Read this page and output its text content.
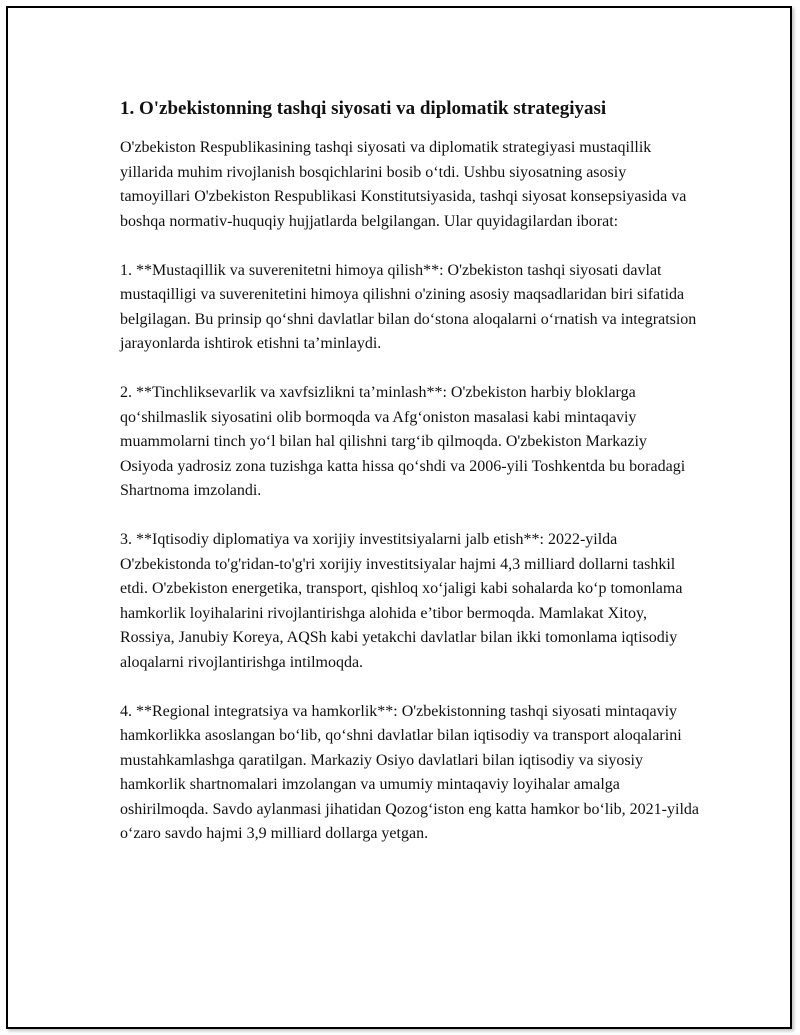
1. O'zbekistonning tashqi siyosati va diplomatik strategiyasi

O'zbekiston Respublikasining tashqi siyosati va diplomatik strategiyasi mustaqillik yillarida muhim rivojlanish bosqichlarini bosib o‘tdi. Ushbu siyosatning asosiy tamoyillari O'zbekiston Respublikasi Konstitutsiyasida, tashqi siyosat konsepsiyasida va boshqa normativ-huquqiy hujjatlarda belgilangan. Ular quyidagilardan iborat:

1. **Mustaqillik va suverenitetni himoya qilish**: O'zbekiston tashqi siyosati davlat mustaqilligi va suverenitetini himoya qilishni o'zining asosiy maqsadlaridan biri sifatida belgilagan. Bu prinsip qo‘shni davlatlar bilan do‘stona aloqalarni o‘rnatish va integratsion jarayonlarda ishtirok etishni ta’minlaydi.

2. **Tinchliksevarlik va xavfsizlikni ta’minlash**: O'zbekiston harbiy bloklarga qo‘shilmaslik siyosatini olib bormoqda va Afg‘oniston masalasi kabi mintaqaviy muammolarni tinch yo‘l bilan hal qilishni targ‘ib qilmoqda. O'zbekiston Markaziy Osiyoda yadrosiz zona tuzishga katta hissa qo‘shdi va 2006-yili Toshkentda bu boradagi Shartnoma imzolandi.

3. **Iqtisodiy diplomatiya va xorijiy investitsiyalarni jalb etish**: 2022-yilda O'zbekistonda to'g'ridan-to'g'ri xorijiy investitsiyalar hajmi 4,3 milliard dollarni tashkil etdi. O'zbekiston energetika, transport, qishloq xo‘jaligi kabi sohalarda ko‘p tomonlama hamkorlik loyihalarini rivojlantirishga alohida e’tibor bermoqda. Mamlakat Xitoy, Rossiya, Janubiy Koreya, AQSh kabi yetakchi davlatlar bilan ikki tomonlama iqtisodiy aloqalarni rivojlantirishga intilmoqda.

4. **Regional integratsiya va hamkorlik**: O'zbekistonning tashqi siyosati mintaqaviy hamkorlikka asoslangan bo‘lib, qo‘shni davlatlar bilan iqtisodiy va transport aloqalarini mustahkamlashga qaratilgan. Markaziy Osiyo davlatlari bilan iqtisodiy va siyosiy hamkorlik shartnomalari imzolangan va umumiy mintaqaviy loyihalar amalga oshirilmoqda. Savdo aylanmasi jihatidan Qozog‘iston eng katta hamkor bo‘lib, 2021-yilda o‘zaro savdo hajmi 3,9 milliard dollarga yetgan.
